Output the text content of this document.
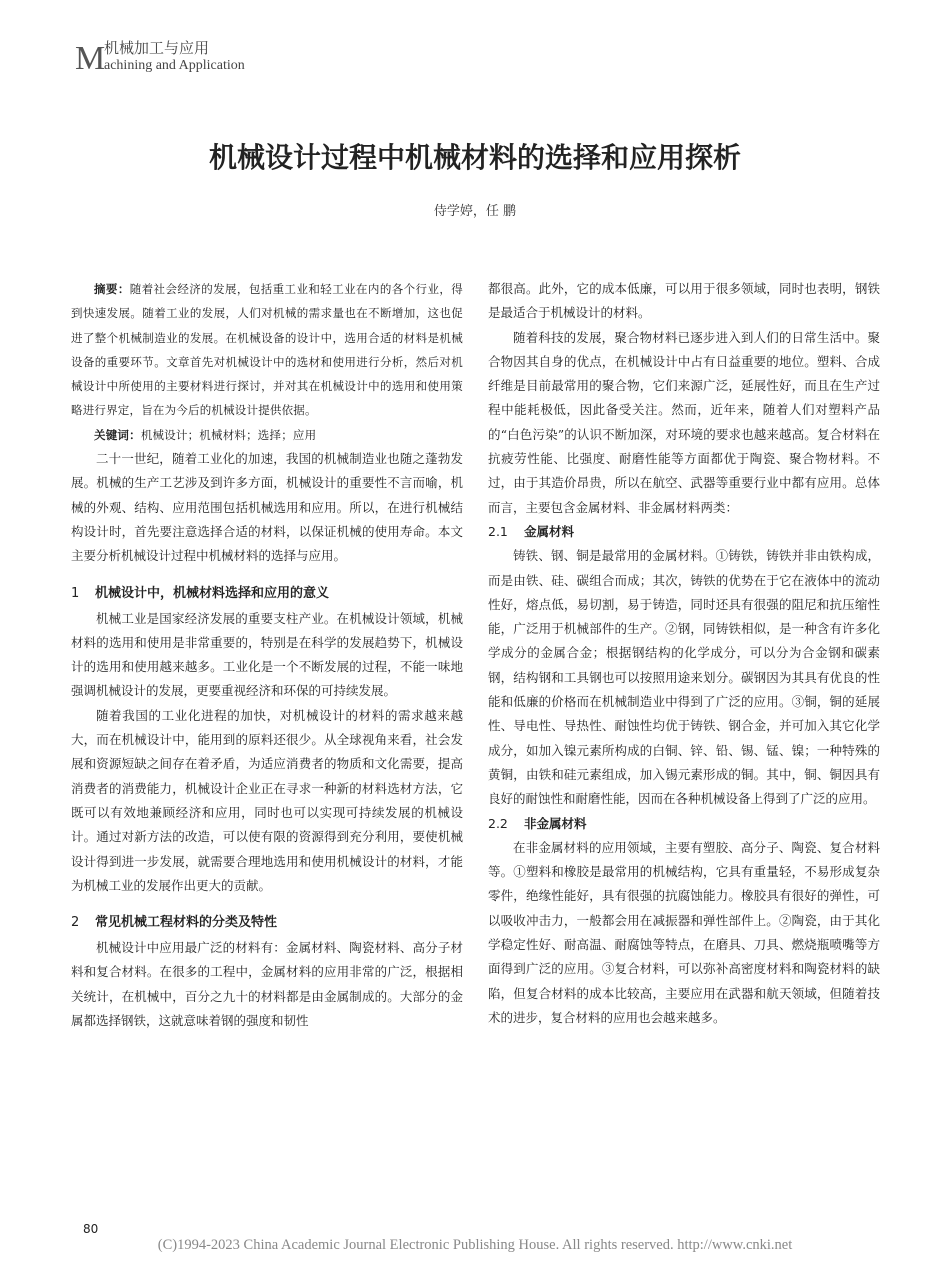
M
机械加工与应用
achining and Application
机械设计过程中机械材料的选择和应用探析
侍学婷，任 鹏

摘要：随着社会经济的发展，包括重工业和轻工业在内的各个行业，得到快速发展。随着工业的发展，人们对机械的需求量也在不断增加，这也促进了整个机械制造业的发展。在机械设备的设计中，选用合适的材料是机械设备的重要环节。文章首先对机械设计中的选材和使用进行分析，然后对机械设计中所使用的主要材料进行探讨，并对其在机械设计中的选用和使用策略进行界定，旨在为今后的机械设计提供依据。

关键词：机械设计；机械材料；选择；应用

二十一世纪，随着工业化的加速，我国的机械制造业也随之蓬勃发展。机械的生产工艺涉及到许多方面，机械设计的重要性不言而喻，机械的外观、结构、应用范围包括机械选用和应用。所以，在进行机械结构设计时，首先要注意选择合适的材料，以保证机械的使用寿命。本文主要分析机械设计过程中机械材料的选择与应用。

1 机械设计中，机械材料选择和应用的意义

机械工业是国家经济发展的重要支柱产业。在机械设计领域，机械材料的选用和使用是非常重要的，特别是在科学的发展趋势下，机械设计的选用和使用越来越多。工业化是一个不断发展的过程，不能一味地强调机械设计的发展，更要重视经济和环保的可持续发展。

随着我国的工业化进程的加快，对机械设计的材料的需求越来越大，而在机械设计中，能用到的原料还很少。从全球视角来看，社会发展和资源短缺之间存在着矛盾，为适应消费者的物质和文化需要，提高消费者的消费能力，机械设计企业正在寻求一种新的材料选材方法，它既可以有效地兼顾经济和应用，同时也可以实现可持续发展的机械设计。通过对新方法的改造，可以使有限的资源得到充分利用，要使机械设计得到进一步发展，就需要合理地选用和使用机械设计的材料，才能为机械工业的发展作出更大的贡献。

2 常见机械工程材料的分类及特性

机械设计中应用最广泛的材料有：金属材料、陶瓷材料、高分子材料和复合材料。在很多的工程中，金属材料的应用非常的广泛，根据相关统计，在机械中，百分之九十的材料都是由金属制成的。大部分的金属都选择钢铁，这就意味着钢的强度和韧性

都很高。此外，它的成本低廉，可以用于很多领域，同时也表明，钢铁是最适合于机械设计的材料。

随着科技的发展，聚合物材料已逐步进入到人们的日常生活中。聚合物因其自身的优点，在机械设计中占有日益重要的地位。塑料、合成纤维是目前最常用的聚合物，它们来源广泛，延展性好，而且在生产过程中能耗极低，因此备受关注。然而，近年来，随着人们对塑料产品的“白色污染”的认识不断加深，对环境的要求也越来越高。复合材料在抗疲劳性能、比强度、耐磨性能等方面都优于陶瓷、聚合物材料。不过，由于其造价昂贵，所以在航空、武器等重要行业中都有应用。总体而言，主要包含金属材料、非金属材料两类：

2.1 金属材料

铸铁、钢、铜是最常用的金属材料。①铸铁，铸铁并非由铁构成，而是由铁、硅、碳组合而成；其次，铸铁的优势在于它在液体中的流动性好，熔点低，易切割，易于铸造，同时还具有很强的阻尼和抗压缩性能，广泛用于机械部件的生产。②钢，同铸铁相似，是一种含有许多化学成分的金属合金；根据钢结构的化学成分，可以分为合金钢和碳素钢，结构钢和工具钢也可以按照用途来划分。碳钢因为其具有优良的性能和低廉的价格而在机械制造业中得到了广泛的应用。③铜，铜的延展性、导电性、导热性、耐蚀性均优于铸铁、钢合金，并可加入其它化学成分，如加入镍元素所构成的白铜、锌、铅、锡、锰、镍；一种特殊的黄铜，由铁和硅元素组成，加入锡元素形成的铜。其中，铜、铜因具有良好的耐蚀性和耐磨性能，因而在各种机械设备上得到了广泛的应用。

2.2 非金属材料

在非金属材料的应用领域，主要有塑胶、高分子、陶瓷、复合材料等。①塑料和橡胶是最常用的机械结构，它具有重量轻，不易形成复杂零件，绝缘性能好，具有很强的抗腐蚀能力。橡胶具有很好的弹性，可以吸收冲击力，一般都会用在减振器和弹性部件上。②陶瓷，由于其化学稳定性好、耐高温、耐腐蚀等特点，在磨具、刀具、燃烧瓶喷嘴等方面得到广泛的应用。③复合材料，可以弥补高密度材料和陶瓷材料的缺陷，但复合材料的成本比较高，主要应用在武器和航天领域，但随着技术的进步，复合材料的应用也会越来越多。

80
(C)1994-2023 China Academic Journal Electronic Publishing House. All rights reserved. http://www.cnki.net
